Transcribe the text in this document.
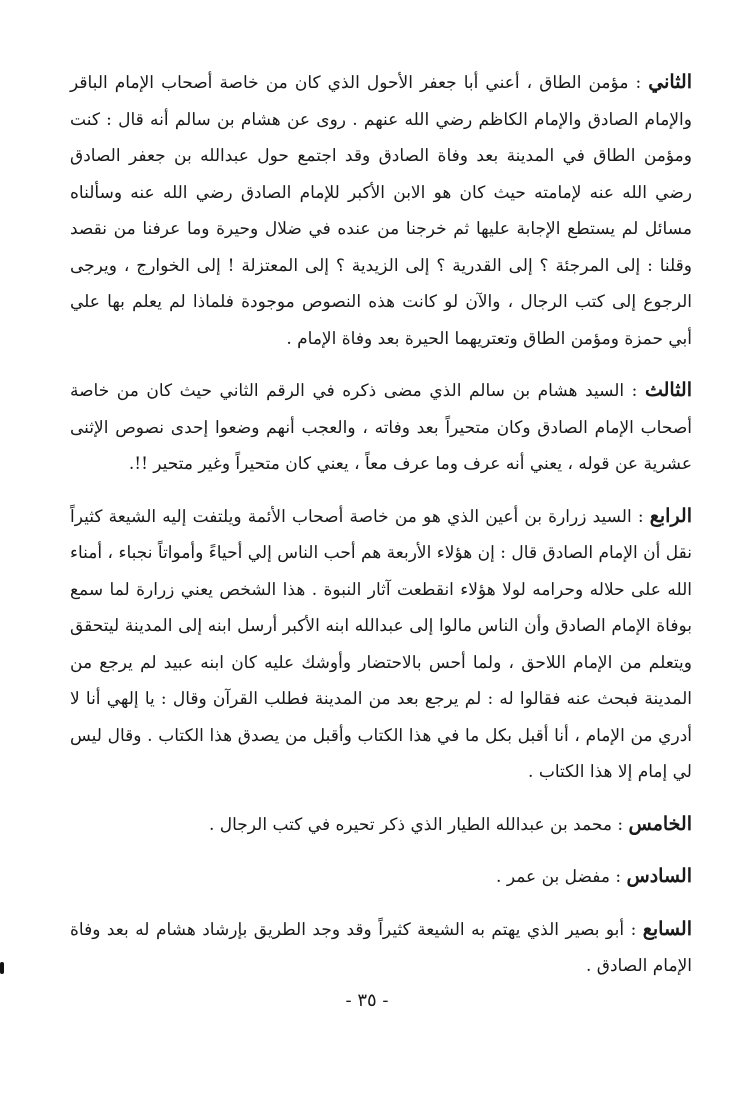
الثاني : مؤمن الطاق ، أعني أبا جعفر الأحول الذي كان من خاصة أصحاب الإمام الباقر والإمام الصادق والإمام الكاظم رضي الله عنهم . روى عن هشام بن سالم أنه قال : كنت ومؤمن الطاق في المدينة بعد وفاة الصادق وقد اجتمع حول عبدالله بن جعفر الصادق رضي الله عنه لإمامته حيث كان هو الابن الأكبر للإمام الصادق رضي الله عنه وسألناه مسائل لم يستطع الإجابة عليها ثم خرجنا من عنده في ضلال وحيرة وما عرفنا من نقصد وقلنا : إلى المرجئة ؟ إلى القدرية ؟ إلى الزيدية ؟ إلى المعتزلة ! إلى الخوارج ، ويرجى الرجوع إلى كتب الرجال ، والآن لو كانت هذه النصوص موجودة فلماذا لم يعلم بها علي أبي حمزة ومؤمن الطاق وتعتريهما الحيرة بعد وفاة الإمام .

الثالث : السيد هشام بن سالم الذي مضى ذكره في الرقم الثاني حيث كان من خاصة أصحاب الإمام الصادق وكان متحيراً بعد وفاته ، والعجب أنهم وضعوا إحدى نصوص الإثنى عشرية عن قوله ، يعني أنه عرف وما عرف معاً ، يعني كان متحيراً وغير متحير !!.

الرابع : السيد زرارة بن أعين الذي هو من خاصة أصحاب الأئمة ويلتفت إليه الشيعة كثيراً نقل أن الإمام الصادق قال : إن هؤلاء الأربعة هم أحب الناس إلي أحياءً وأمواتاً نجباء ، أمناء الله على حلاله وحرامه لولا هؤلاء انقطعت آثار النبوة . هذا الشخص يعني زرارة لما سمع بوفاة الإمام الصادق وأن الناس مالوا إلى عبدالله ابنه الأكبر أرسل ابنه إلى المدينة ليتحقق ويتعلم من الإمام اللاحق ، ولما أحس بالاحتضار وأوشك عليه كان ابنه عبيد لم يرجع من المدينة فبحث عنه فقالوا له : لم يرجع بعد من المدينة فطلب القرآن وقال : يا إلهي أنا لا أدري من الإمام ، أنا أقبل بكل ما في هذا الكتاب وأقبل من يصدق هذا الكتاب . وقال ليس لي إمام إلا هذا الكتاب .

الخامس : محمد بن عبدالله الطيار الذي ذكر تحيره في كتب الرجال .

السادس : مفضل بن عمر .

السابع : أبو بصير الذي يهتم به الشيعة كثيراً وقد وجد الطريق بإرشاد هشام له بعد وفاة الإمام الصادق .

- ٣٥ -
